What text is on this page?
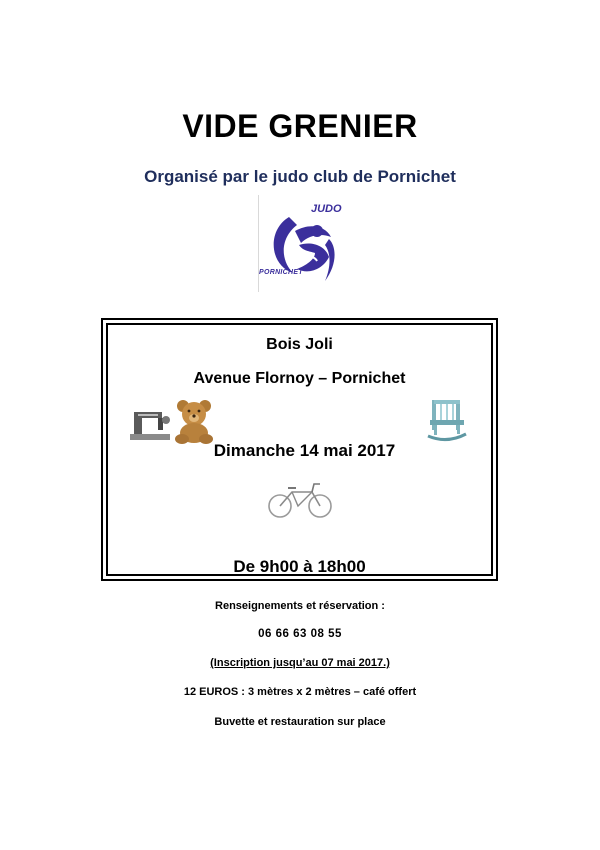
VIDE GRENIER
Organisé par le judo club de Pornichet
JUDO
PORNICHET
Bois Joli
Avenue Flornoy – Pornichet
Dimanche 14 mai 2017
De 9h00 à 18h00
Renseignements et réservation :
06 66 63 08 55
(Inscription jusqu’au 07 mai 2017.)
12 EUROS : 3 mètres x 2 mètres – café offert
Buvette et restauration sur place
